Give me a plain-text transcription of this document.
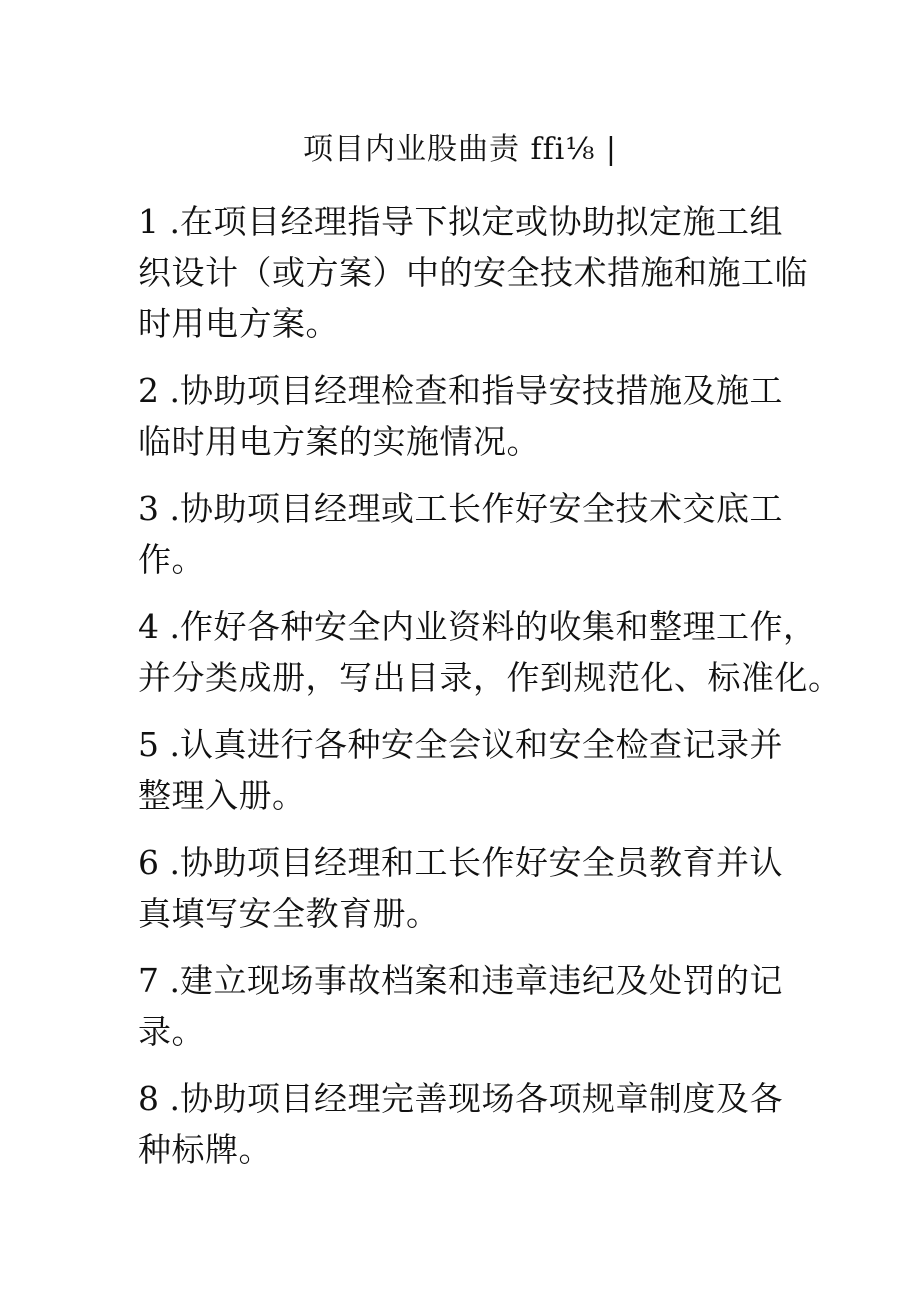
项目内业股曲责 ffi⅛ |
1 .在项目经理指导下拟定或协助拟定施工组
织设计（或方案）中的安全技术措施和施工临
时用电方案。
2 .协助项目经理检查和指导安技措施及施工
临时用电方案的实施情况。
3 .协助项目经理或工长作好安全技术交底工
作。
4 .作好各种安全内业资料的收集和整理工作，
并分类成册，写出目录，作到规范化、标准化。
5 .认真进行各种安全会议和安全检查记录并
整理入册。
6 .协助项目经理和工长作好安全员教育并认
真填写安全教育册。
7 .建立现场事故档案和违章违纪及处罚的记
录。
8 .协助项目经理完善现场各项规章制度及各
种标牌。
